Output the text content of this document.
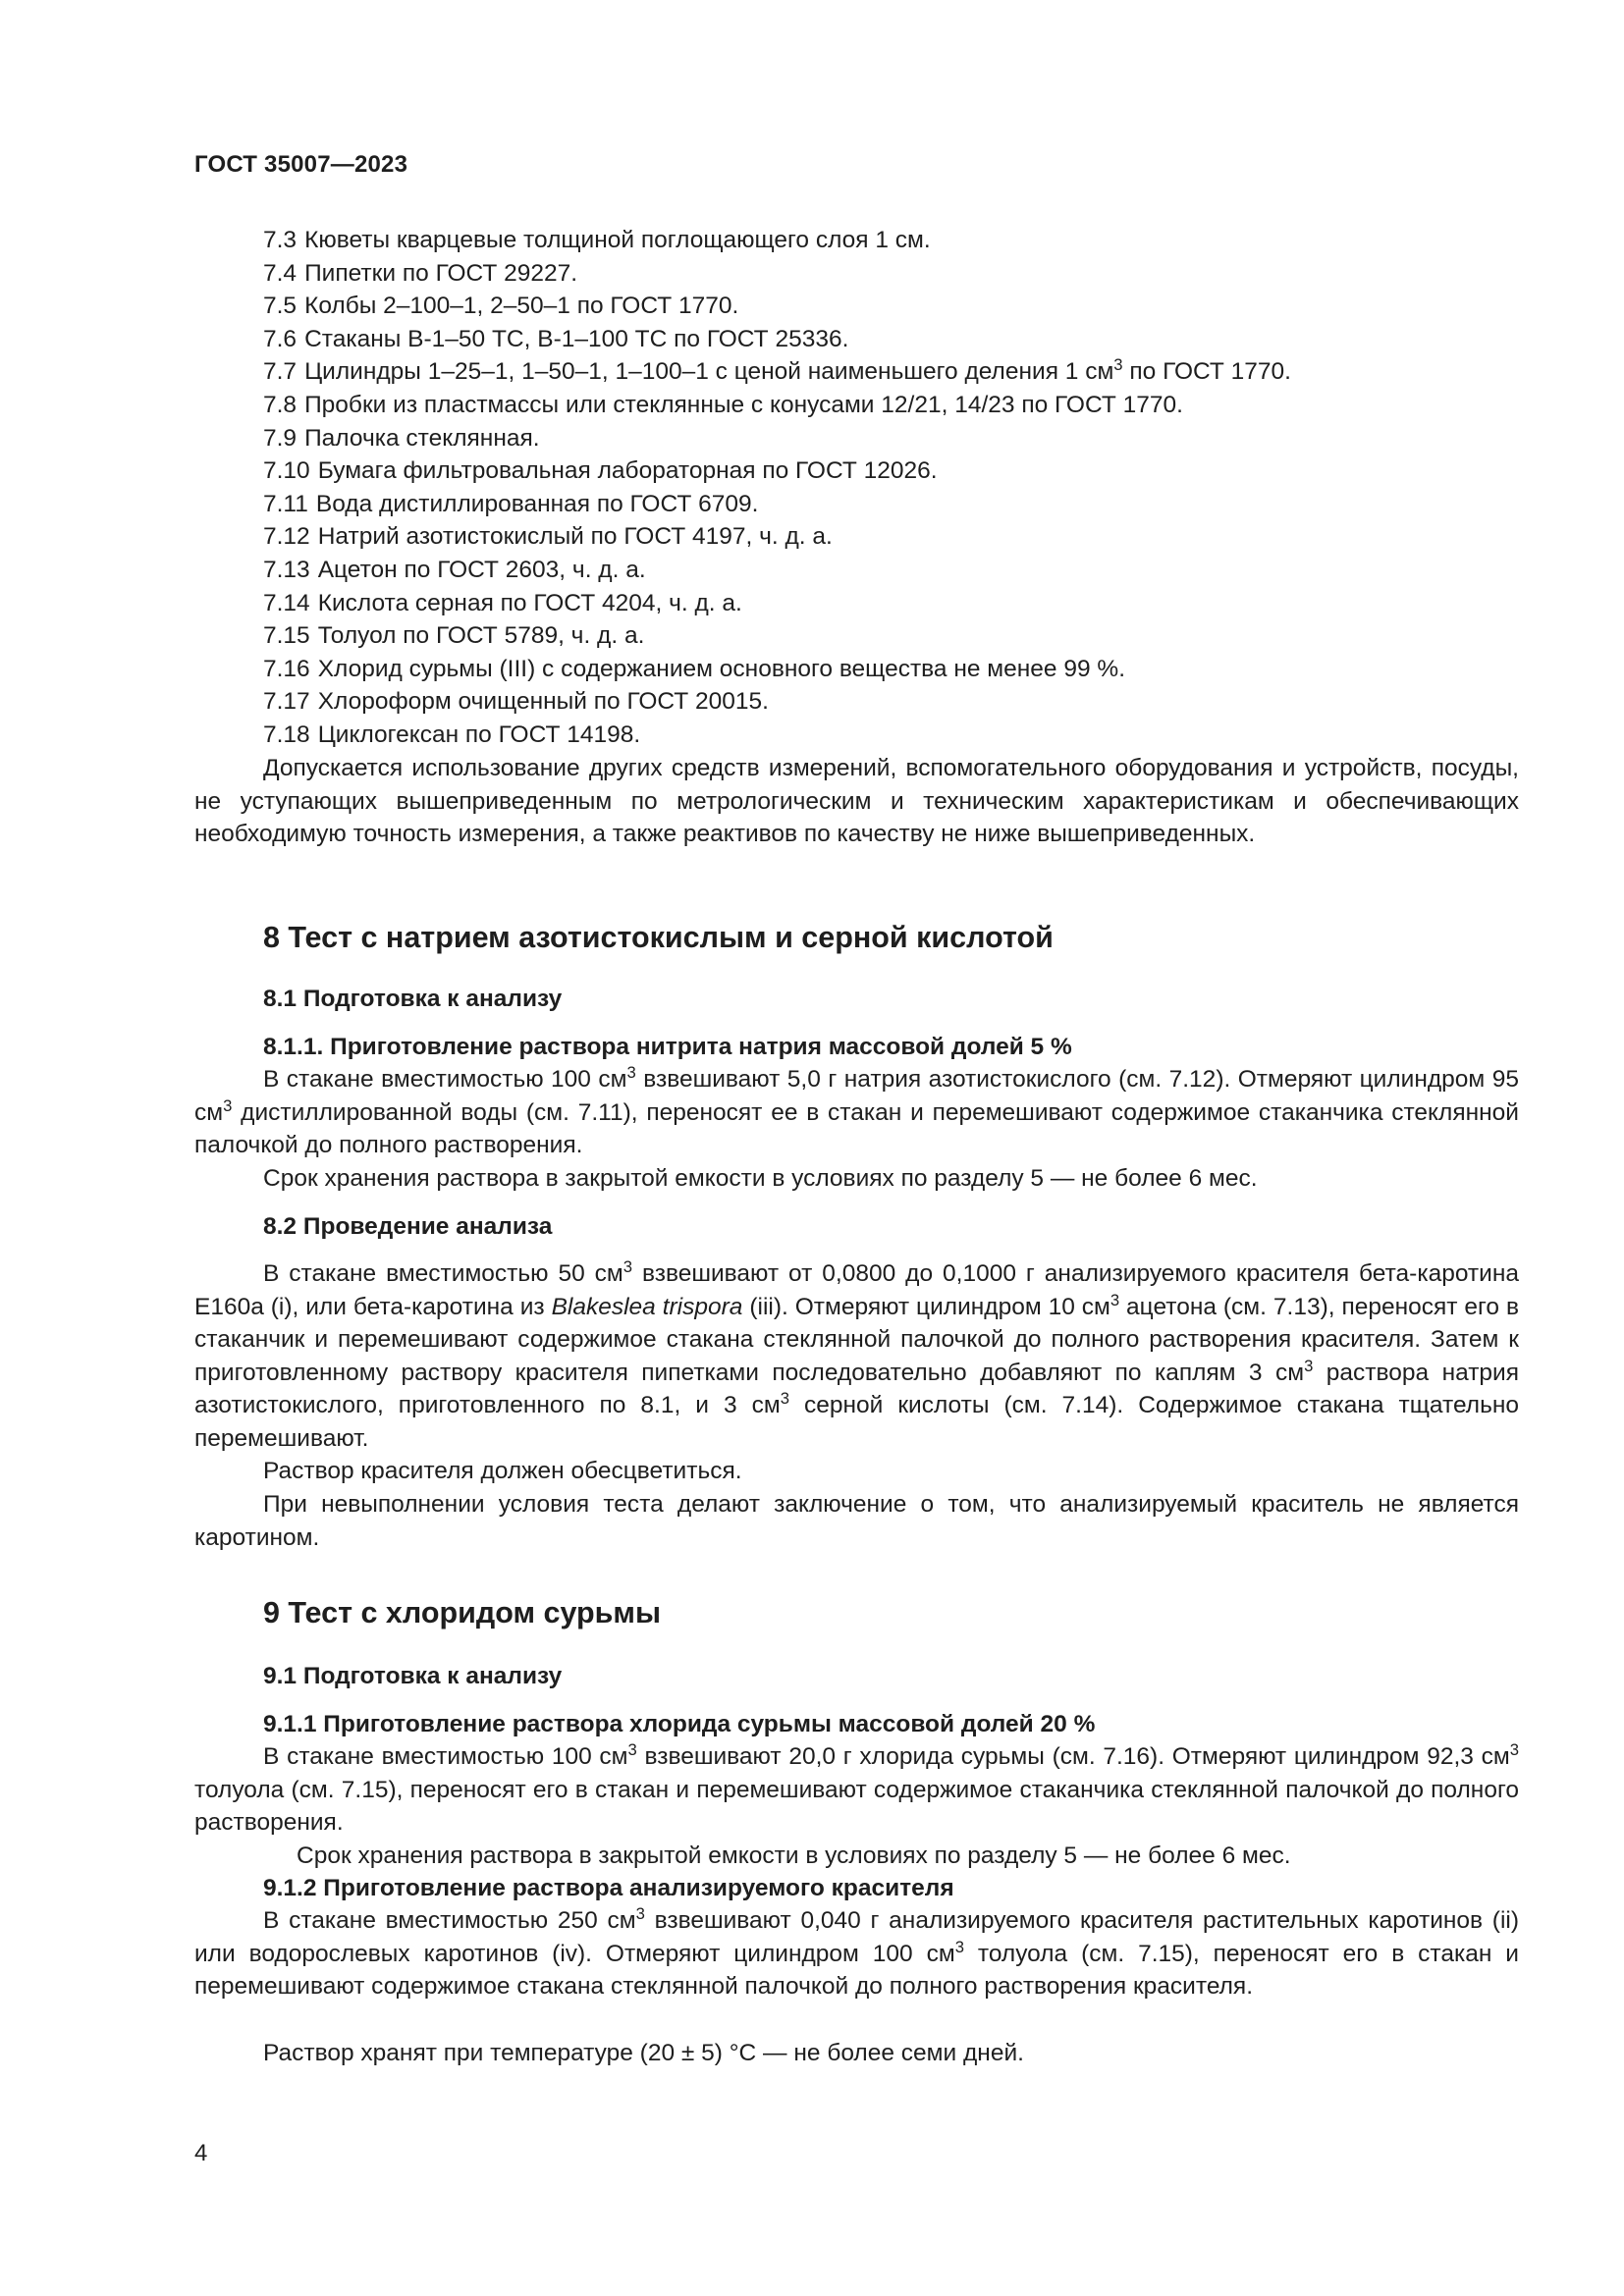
ГОСТ 35007—2023
7.3 Кюветы кварцевые толщиной поглощающего слоя 1 см.
7.4 Пипетки по ГОСТ 29227.
7.5 Колбы 2–100–1, 2–50–1 по ГОСТ 1770.
7.6 Стаканы В-1–50 ТС, В-1–100 ТС по ГОСТ 25336.
7.7 Цилиндры 1–25–1, 1–50–1, 1–100–1 с ценой наименьшего деления 1 $см^3$ по ГОСТ 1770.
7.8 Пробки из пластмассы или стеклянные с конусами 12/21, 14/23 по ГОСТ 1770.
7.9 Палочка стеклянная.
7.10 Бумага фильтровальная лабораторная по ГОСТ 12026.
7.11 Вода дистиллированная по ГОСТ 6709.
7.12 Натрий азотистокислый по ГОСТ 4197, ч. д. а.
7.13 Ацетон по ГОСТ 2603, ч. д. а.
7.14 Кислота серная по ГОСТ 4204, ч. д. а.
7.15 Толуол по ГОСТ 5789, ч. д. а.
7.16 Хлорид сурьмы (III) с содержанием основного вещества не менее 99 %.
7.17 Хлороформ очищенный по ГОСТ 20015.
7.18 Циклогексан по ГОСТ 14198.

Допускается использование других средств измерений, вспомогательного оборудования и устройств, посуды, не уступающих вышеприведенным по метрологическим и техническим характеристикам и обеспечивающих необходимую точность измерения, а также реактивов по качеству не ниже вышеприведенных.

8 Тест с натрием азотистокислым и серной кислотой
8.1 Подготовка к анализу
8.1.1. Приготовление раствора нитрита натрия массовой долей 5 %

В стакане вместимостью 100 $см^3$ взвешивают 5,0 г натрия азотистокислого (см. 7.12). Отмеряют цилиндром 95 $см^3$ дистиллированной воды (см. 7.11), переносят ее в стакан и перемешивают содержимое стаканчика стеклянной палочкой до полного растворения.

Срок хранения раствора в закрытой емкости в условиях по разделу 5 — не более 6 мес.

8.2 Проведение анализа

В стакане вместимостью 50 $см^3$ взвешивают от 0,0800 до 0,1000 г анализируемого красителя бета-каротина Е160а (i), или бета-каротина из Blakeslea trispora (iii). Отмеряют цилиндром 10 $см^3$ ацетона (см. 7.13), переносят его в стаканчик и перемешивают содержимое стакана стеклянной палочкой до полного растворения красителя. Затем к приготовленному раствору красителя пипетками последовательно добавляют по каплям 3 $см^3$ раствора натрия азотистокислого, приготовленного по 8.1, и 3 $см^3$ серной кислоты (см. 7.14). Содержимое стакана тщательно перемешивают.

Раствор красителя должен обесцветиться.

При невыполнении условия теста делают заключение о том, что анализируемый краситель не является каротином.

9 Тест с хлоридом сурьмы
9.1 Подготовка к анализу
9.1.1 Приготовление раствора хлорида сурьмы массовой долей 20 %

В стакане вместимостью 100 $см^3$ взвешивают 20,0 г хлорида сурьмы (см. 7.16). Отмеряют цилиндром 92,3 $см^3$ толуола (см. 7.15), переносят его в стакан и перемешивают содержимое стаканчика стеклянной палочкой до полного растворения.

Срок хранения раствора в закрытой емкости в условиях по разделу 5 — не более 6 мес.

9.1.2 Приготовление раствора анализируемого красителя

В стакане вместимостью 250 $см^3$ взвешивают 0,040 г анализируемого красителя растительных каротинов (ii) или водорослевых каротинов (iv). Отмеряют цилиндром 100 $см^3$ толуола (см. 7.15), переносят его в стакан и перемешивают содержимое стакана стеклянной палочкой до полного растворения красителя.

Раствор хранят при температуре (20 ± 5) °С — не более семи дней.

4
